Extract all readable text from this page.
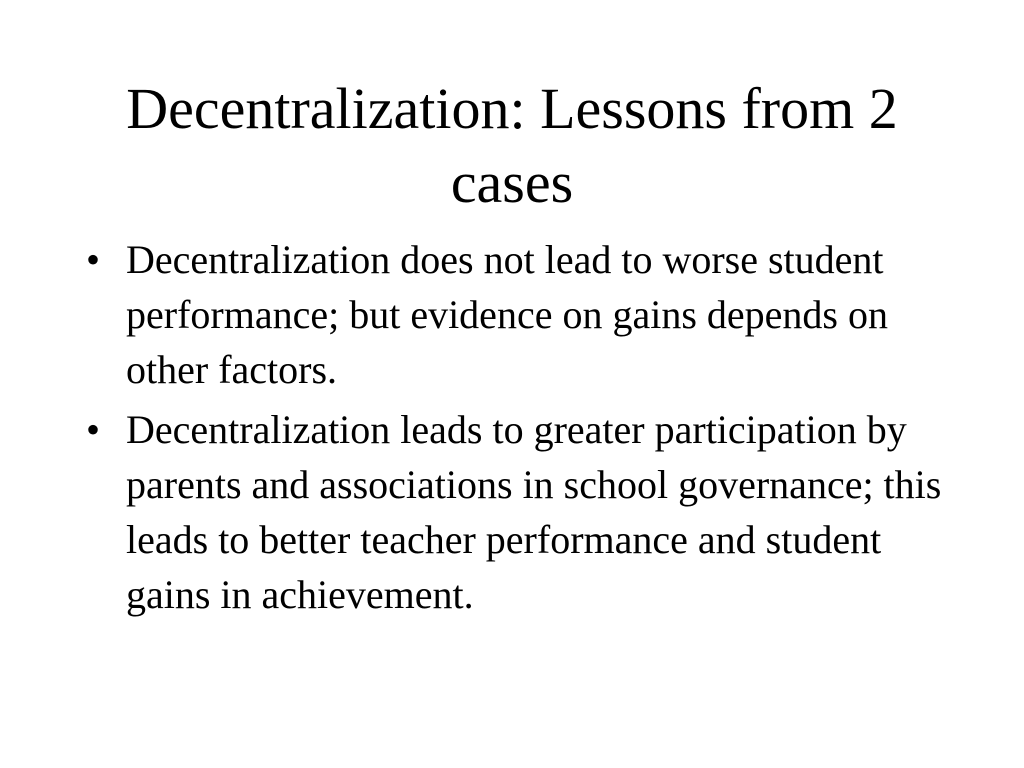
Decentralization: Lessons from 2 cases
• Decentralization does not lead to worse student performance; but evidence on gains depends on other factors.
• Decentralization leads to greater participation by parents and associations in school governance; this leads to better teacher performance and student gains in achievement.
